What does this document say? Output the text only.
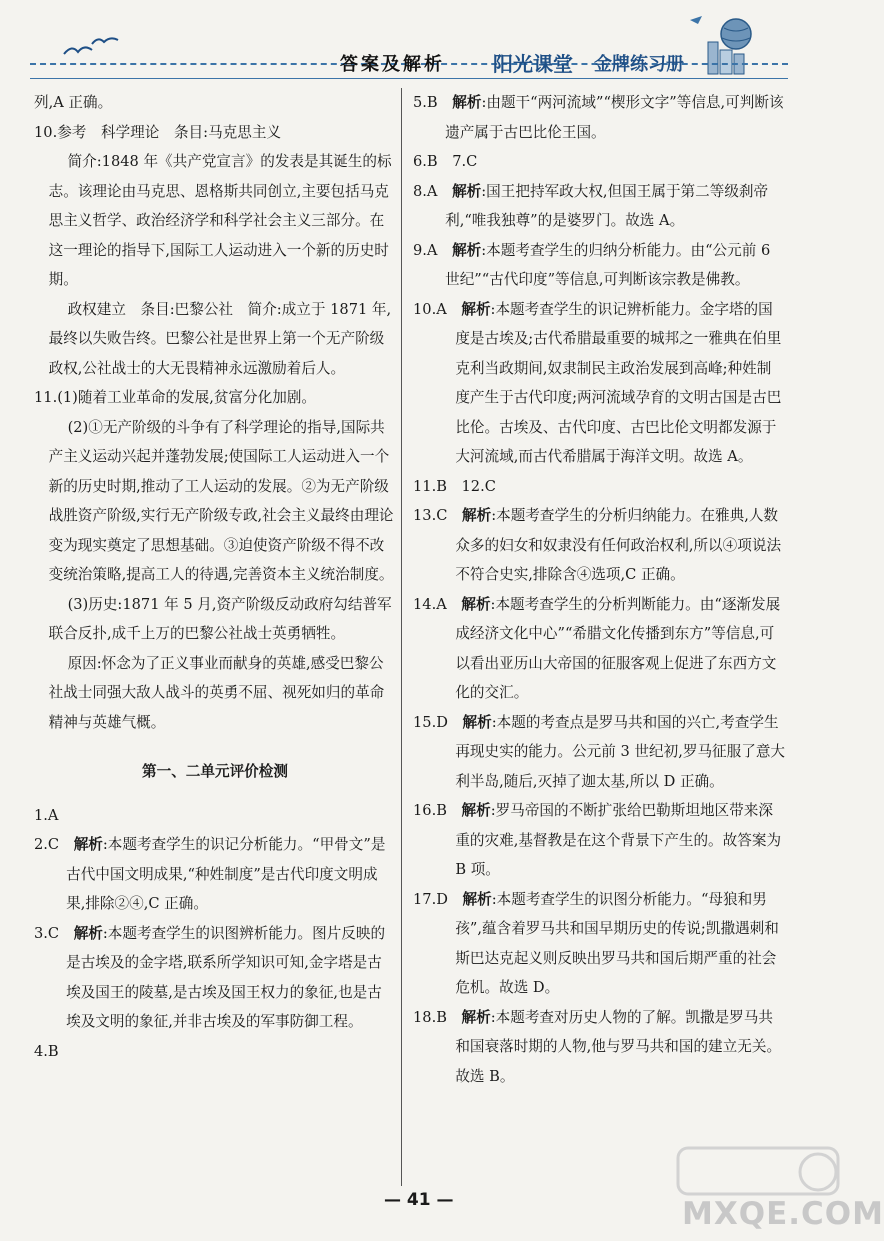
答案及解析 阳光课堂 金牌练习册

列,A 正确。

10.参考　科学理论　条目:马克思主义

简介:1848 年《共产党宣言》的发表是其诞生的标志。该理论由马克思、恩格斯共同创立,主要包括马克思主义哲学、政治经济学和科学社会主义三部分。在这一理论的指导下,国际工人运动进入一个新的历史时期。

政权建立　条目:巴黎公社　简介:成立于 1871 年,最终以失败告终。巴黎公社是世界上第一个无产阶级政权,公社战士的大无畏精神永远激励着后人。

11.(1)随着工业革命的发展,贫富分化加剧。

(2)①无产阶级的斗争有了科学理论的指导,国际共产主义运动兴起并蓬勃发展;使国际工人运动进入一个新的历史时期,推动了工人运动的发展。②为无产阶级战胜资产阶级,实行无产阶级专政,社会主义最终由理论变为现实奠定了思想基础。③迫使资产阶级不得不改变统治策略,提高工人的待遇,完善资本主义统治制度。

(3)历史:1871 年 5 月,资产阶级反动政府勾结普军联合反扑,成千上万的巴黎公社战士英勇牺牲。

原因:怀念为了正义事业而献身的英雄,感受巴黎公社战士同强大敌人战斗的英勇不屈、视死如归的革命精神与英雄气概。

第一、二单元评价检测

1.A

2.C　解析:本题考查学生的识记分析能力。“甲骨文”是古代中国文明成果,“种姓制度”是古代印度文明成果,排除②④,C 正确。

3.C　解析:本题考查学生的识图辨析能力。图片反映的是古埃及的金字塔,联系所学知识可知,金字塔是古埃及国王的陵墓,是古埃及国王权力的象征,也是古埃及文明的象征,并非古埃及的军事防御工程。

4.B

5.B　解析:由题干“两河流域”“楔形文字”等信息,可判断该遗产属于古巴比伦王国。

6.B　7.C

8.A　解析:国王把持军政大权,但国王属于第二等级刹帝利,“唯我独尊”的是婆罗门。故选 A。

9.A　解析:本题考查学生的归纳分析能力。由“公元前 6 世纪”“古代印度”等信息,可判断该宗教是佛教。

10.A　解析:本题考查学生的识记辨析能力。金字塔的国度是古埃及;古代希腊最重要的城邦之一雅典在伯里克利当政期间,奴隶制民主政治发展到高峰;种姓制度产生于古代印度;两河流域孕育的文明古国是古巴比伦。古埃及、古代印度、古巴比伦文明都发源于大河流域,而古代希腊属于海洋文明。故选 A。

11.B　12.C

13.C　解析:本题考查学生的分析归纳能力。在雅典,人数众多的妇女和奴隶没有任何政治权利,所以④项说法不符合史实,排除含④选项,C 正确。

14.A　解析:本题考查学生的分析判断能力。由“逐渐发展成经济文化中心”“希腊文化传播到东方”等信息,可以看出亚历山大帝国的征服客观上促进了东西方文化的交汇。

15.D　解析:本题的考查点是罗马共和国的兴亡,考查学生再现史实的能力。公元前 3 世纪初,罗马征服了意大利半岛,随后,灭掉了迦太基,所以 D 正确。

16.B　解析:罗马帝国的不断扩张给巴勒斯坦地区带来深重的灾难,基督教是在这个背景下产生的。故答案为 B 项。

17.D　解析:本题考查学生的识图分析能力。“母狼和男孩”,蕴含着罗马共和国早期历史的传说;凯撒遇刺和斯巴达克起义则反映出罗马共和国后期严重的社会危机。故选 D。

18.B　解析:本题考查对历史人物的了解。凯撒是罗马共和国衰落时期的人物,他与罗马共和国的建立无关。故选 B。

— 41 —	MXQE.COM
